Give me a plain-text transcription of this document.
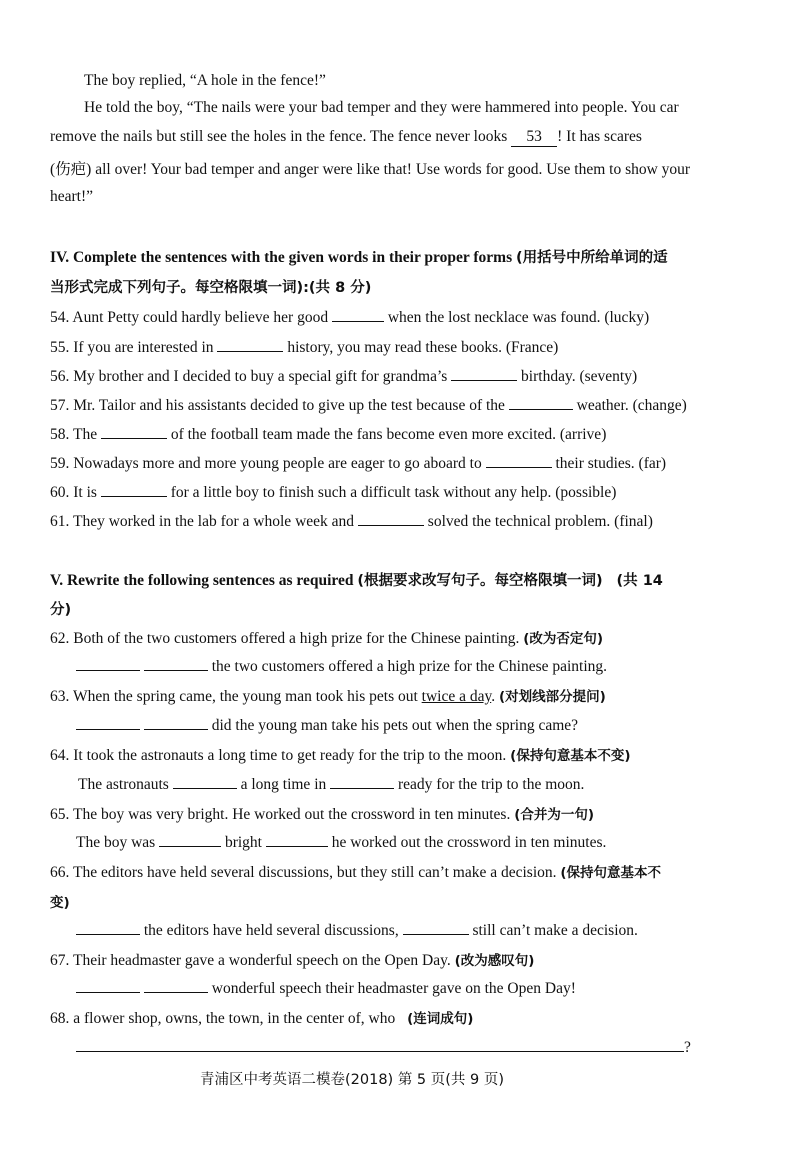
The boy replied, “A hole in the fence!”
He told the boy, “The nails were your bad temper and they were hammered into people. You car
remove the nails but still see the holes in the fence. The fence never looks 53 ! It has scares
(伤疤) all over! Your bad temper and anger were like that! Use words for good. Use them to show your
heart!”
IV. Complete the sentences with the given words in their proper forms (用括号中所给单词的适
当形式完成下列句子。每空格限填一词):(共 8 分)
54. Aunt Petty could hardly believe her good	when the lost necklace was found. (lucky)
55. If you are interested in	history, you may read these books. (France)
56. My brother and I decided to buy a special gift for grandma’s	birthday. (seventy)
57. Mr. Tailor and his assistants decided to give up the test because of the	weather. (change)
58. The	of the football team made the fans become even more excited. (arrive)
59. Nowadays more and more young people are eager to go aboard to	their studies. (far)
60. It is	for a little boy to finish such a difficult task without any help. (possible)
61. They worked in the lab for a whole week and	solved the technical problem. (final)
V. Rewrite the following sentences as required (根据要求改写句子。每空格限填一词) (共 14
分)
62. Both of the two customers offered a high prize for the Chinese painting. (改为否定句)
the two customers offered a high prize for the Chinese painting.
63. When the spring came, the young man took his pets out twice a day. (对划线部分提问)
did the young man take his pets out when the spring came?
64. It took the astronauts a long time to get ready for the trip to the moon. (保持句意基本不变)
The astronauts	a long time in	ready for the trip to the moon.
65. The boy was very bright. He worked out the crossword in ten minutes. (合并为一句)
The boy was	bright	he worked out the crossword in ten minutes.
66. The editors have held several discussions, but they still can’t make a decision. (保持句意基本不
变)
the editors have held several discussions,	still can’t make a decision.
67. Their headmaster gave a wonderful speech on the Open Day. (改为感叹句)
wonderful speech their headmaster gave on the Open Day!
68. a flower shop, owns, the town, in the center of, who (连词成句)
?
青浦区中考英语二模卷(2018) 第 5 页(共 9 页)
